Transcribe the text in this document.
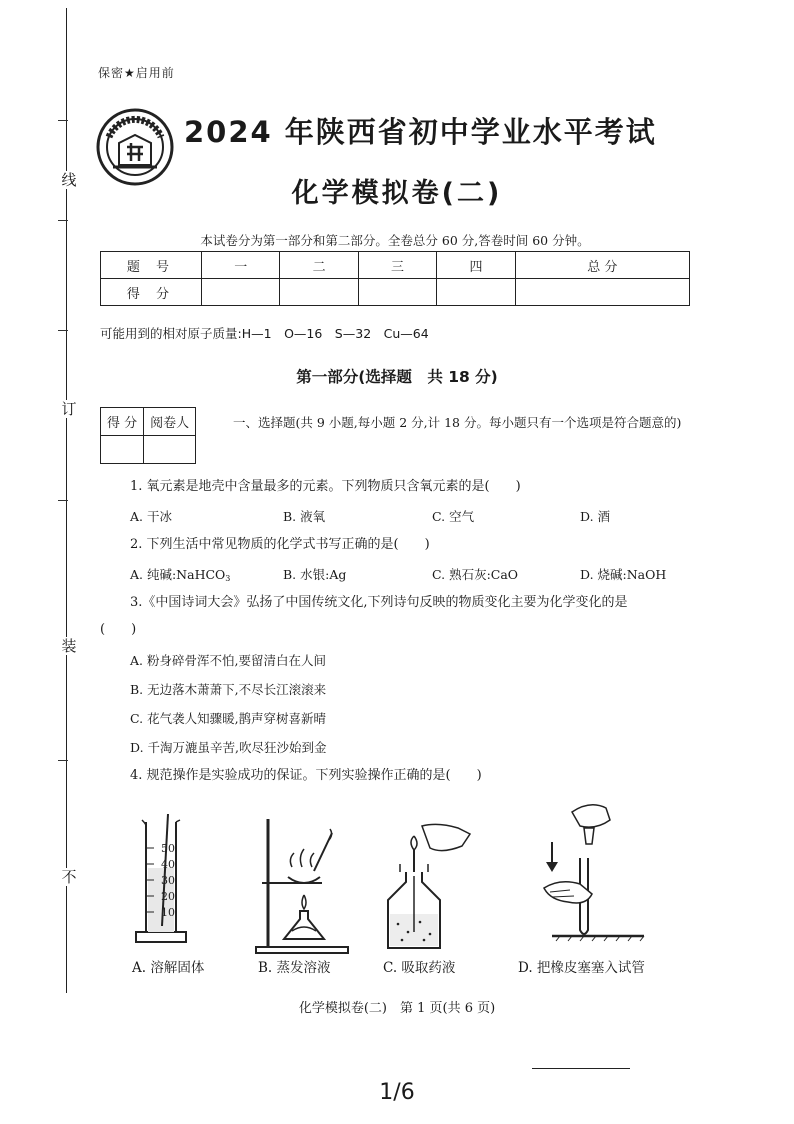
线
订
装
不
保密★启用前
2024 年陕西省初中学业水平考试
化学模拟卷(二)
本试卷分为第一部分和第二部分。全卷总分 60 分,答卷时间 60 分钟。
题 号	一	二	三	四	总 分
得 分					
可能用到的相对原子质量:H—1　O—16　S—32　Cu—64
第一部分(选择题　共 18 分)
得 分	阅卷人
		一、选择题(共 9 小题,每小题 2 分,计 18 分。每小题只有一个选项是符合题意的)
1. 氧元素是地壳中含量最多的元素。下列物质只含氧元素的是(　　)
A. 干冰	B. 液氧	C. 空气	D. 酒
2. 下列生活中常见物质的化学式书写正确的是(　　)
A. 纯碱:NaHCO$_3$	B. 水银:Ag	C. 熟石灰:CaO	D. 烧碱:NaOH
3.《中国诗词大会》弘扬了中国传统文化,下列诗句反映的物质变化主要为化学变化的是
(　　)
A. 粉身碎骨浑不怕,要留清白在人间
B. 无边落木萧萧下,不尽长江滚滚来
C. 花气袭人知骤暖,鹊声穿树喜新晴
D. 千淘万漉虽辛苦,吹尽狂沙始到金
4. 规范操作是实验成功的保证。下列实验操作正确的是(　　)
50
40
30
20
10
A. 溶解固体	B. 蒸发溶液	C. 吸取药液	D. 把橡皮塞塞入试管
化学模拟卷(二)　第 1 页(共 6 页)
1/6
